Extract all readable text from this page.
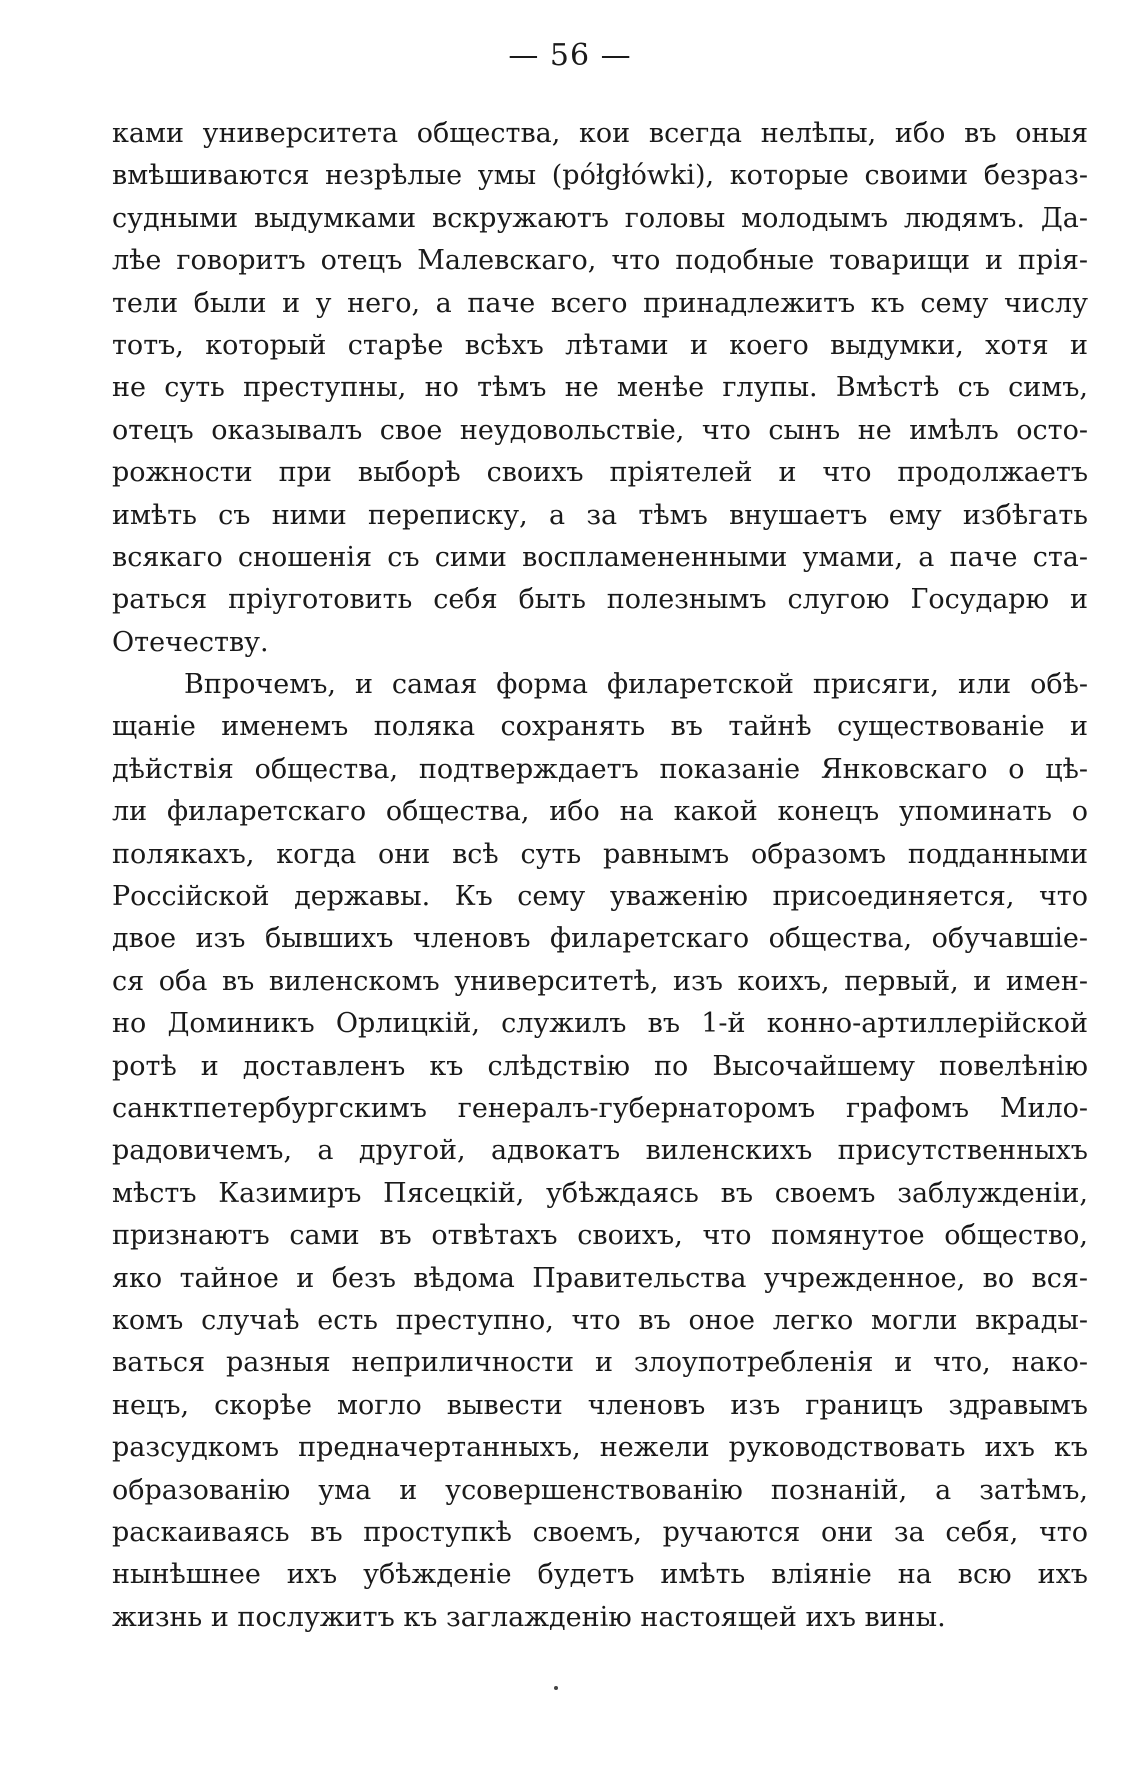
— 56 —
ками университета общества, кои всегда нелѣпы, ибо въ оныя
вмѣшиваются незрѣлые умы (półgłówki), которые своими безраз-
судными выдумками вскружаютъ головы молодымъ людямъ. Да-
лѣе говоритъ отецъ Малевскаго, что подобные товарищи и прія-
тели были и у него, а паче всего принадлежитъ къ сему числу
тотъ, который старѣе всѣхъ лѣтами и коего выдумки, хотя и
не суть преступны, но тѣмъ не менѣе глупы. Вмѣстѣ съ симъ,
отецъ оказывалъ свое неудовольствіе, что сынъ не имѣлъ осто-
рожности при выборѣ своихъ пріятелей и что продолжаетъ
имѣть съ ними переписку, а за тѣмъ внушаетъ ему избѣгать
всякаго сношенія съ сими воспламененными умами, а паче ста-
раться пріуготовить себя быть полезнымъ слугою Государю и
Отечеству.
Впрочемъ, и самая форма филаретской присяги, или обѣ-
щаніе именемъ поляка сохранять въ тайнѣ существованіе и
дѣйствія общества, подтверждаетъ показаніе Янковскаго о цѣ-
ли филаретскаго общества, ибо на какой конецъ упоминать о
полякахъ, когда они всѣ суть равнымъ образомъ подданными
Россійской державы. Къ сему уваженію присоединяется, что
двое изъ бывшихъ членовъ филаретскаго общества, обучавшіе-
ся оба въ виленскомъ университетѣ, изъ коихъ, первый, и имен-
но Доминикъ Орлицкій, служилъ въ 1-й конно-артиллерійской
ротѣ и доставленъ къ слѣдствію по Высочайшему повелѣнію
санктпетербургскимъ генералъ-губернаторомъ графомъ Мило-
радовичемъ, а другой, адвокатъ виленскихъ присутственныхъ
мѣстъ Казимиръ Пясецкій, убѣждаясь въ своемъ заблужденіи,
признаютъ сами въ отвѣтахъ своихъ, что помянутое общество,
яко тайное и безъ вѣдома Правительства учрежденное, во вся-
комъ случаѣ есть преступно, что въ оное легко могли вкрады-
ваться разныя неприличности и злоупотребленія и что, нако-
нецъ, скорѣе могло вывести членовъ изъ границъ здравымъ
разсудкомъ предначертанныхъ, нежели руководствовать ихъ къ
образованію ума и усовершенствованію познаній, а затѣмъ,
раскаиваясь въ проступкѣ своемъ, ручаются они за себя, что
нынѣшнее ихъ убѣжденіе будетъ имѣть вліяніе на всю ихъ
жизнь и послужитъ къ заглажденію настоящей ихъ вины.
